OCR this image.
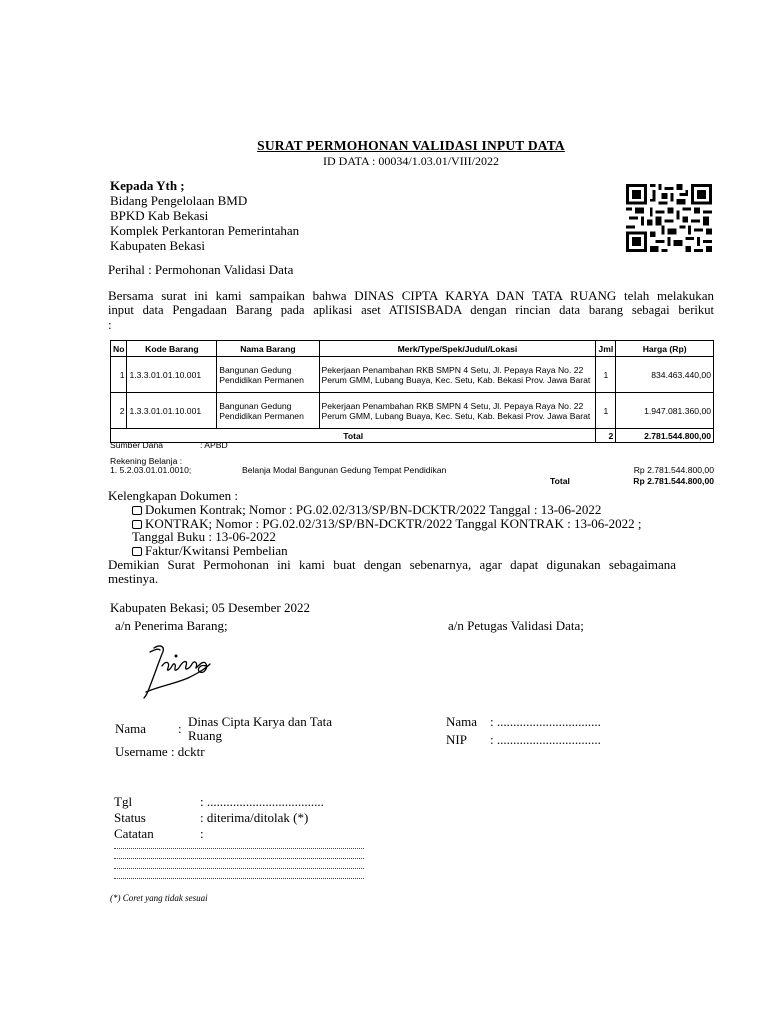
SURAT PERMOHONAN VALIDASI INPUT DATA
ID DATA : 00034/1.03.01/VIII/2022
Kepada Yth ;
Bidang Pengelolaan BMD
BPKD Kab Bekasi
Komplek Perkantoran Pemerintahan
Kabupaten Bekasi
Perihal : Permohonan Validasi Data
Bersama surat ini kami sampaikan bahwa DINAS CIPTA KARYA DAN TATA RUANG telah melakukan
input data Pengadaan Barang pada aplikasi aset ATISISBADA dengan rincian data barang sebagai berikut
:
No	Kode Barang	Nama Barang	Merk/Type/Spek/Judul/Lokasi	Jml	Harga (Rp)
1	1.3.3.01.01.10.001	Bangunan Gedung Pendidikan Permanen	Pekerjaan Penambahan RKB SMPN 4 Setu, Jl. Pepaya Raya No. 22 Perum GMM, Lubang Buaya, Kec. Setu, Kab. Bekasi Prov. Jawa Barat	1	834.463.440,00
2	1.3.3.01.01.10.001	Bangunan Gedung Pendidikan Permanen	Pekerjaan Penambahan RKB SMPN 4 Setu, Jl. Pepaya Raya No. 22 Perum GMM, Lubang Buaya, Kec. Setu, Kab. Bekasi Prov. Jawa Barat	1	1.947.081.360,00
Total				2	2.781.544.800,00
Sumber Dana	: APBD
Rekening Belanja :
1. 5.2.03.01.01.0010;	Belanja Modal Bangunan Gedung Tempat Pendidikan	Rp 2.781.544.800,00
Total	Rp 2.781.544.800,00
Kelengkapan Dokumen :
Dokumen Kontrak; Nomor : PG.02.02/313/SP/BN-DCKTR/2022 Tanggal : 13-06-2022
KONTRAK; Nomor : PG.02.02/313/SP/BN-DCKTR/2022 Tanggal KONTRAK : 13-06-2022 ;
Tanggal Buku : 13-06-2022
Faktur/Kwitansi Pembelian
Demikian Surat Permohonan ini kami buat dengan sebenarnya, agar dapat digunakan sebagaimana
mestinya.
Kabupaten Bekasi; 05 Desember 2022
a/n Penerima Barang;	a/n Petugas Validasi Data;
Nama : Dinas Cipta Karya dan Tata
Ruang
Username : dcktr
Nama : ................................
NIP : ................................
Tgl	: ....................................
Status	: diterima/ditolak (*)
Catatan	:
(*) Coret yang tidak sesuai
